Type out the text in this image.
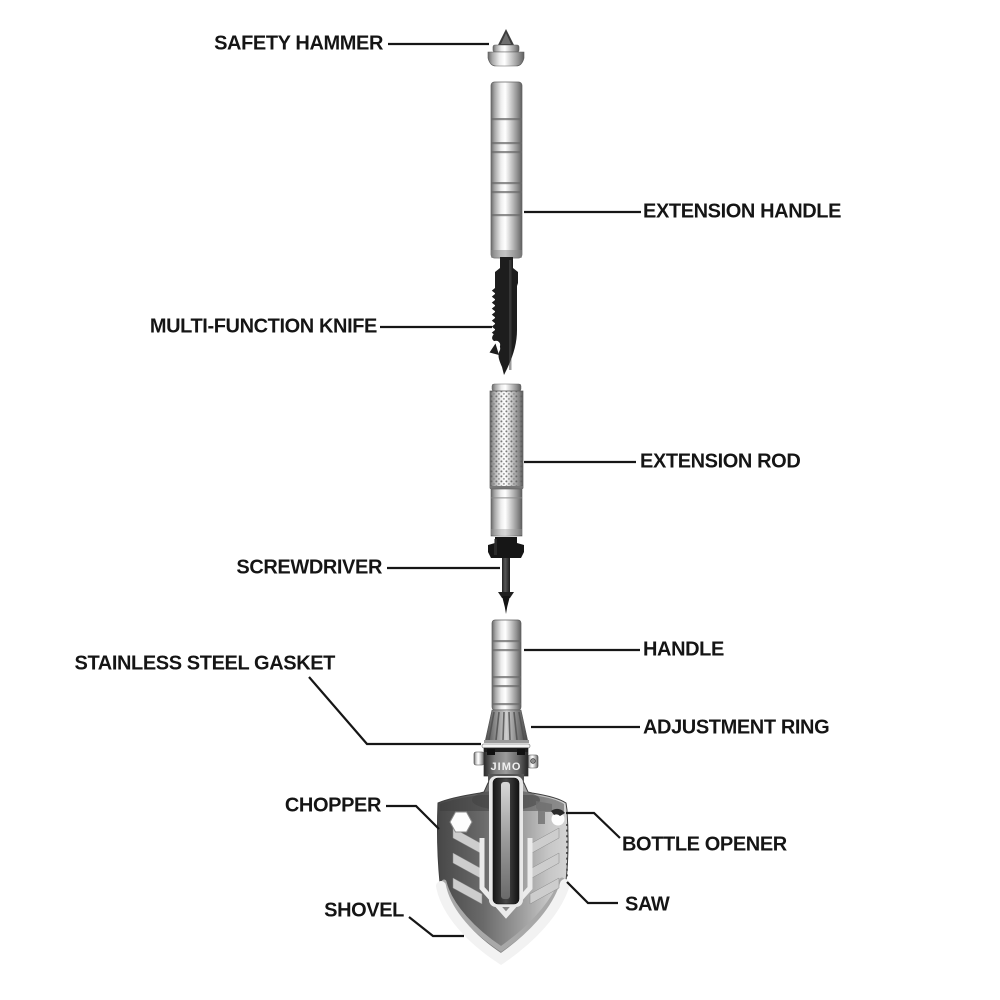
JIMO
SAFETY HAMMER
EXTENSION HANDLE
MULTI-FUNCTION KNIFE
EXTENSION ROD
SCREWDRIVER
HANDLE
STAINLESS STEEL GASKET
ADJUSTMENT RING
CHOPPER
BOTTLE OPENER
SAW
SHOVEL
